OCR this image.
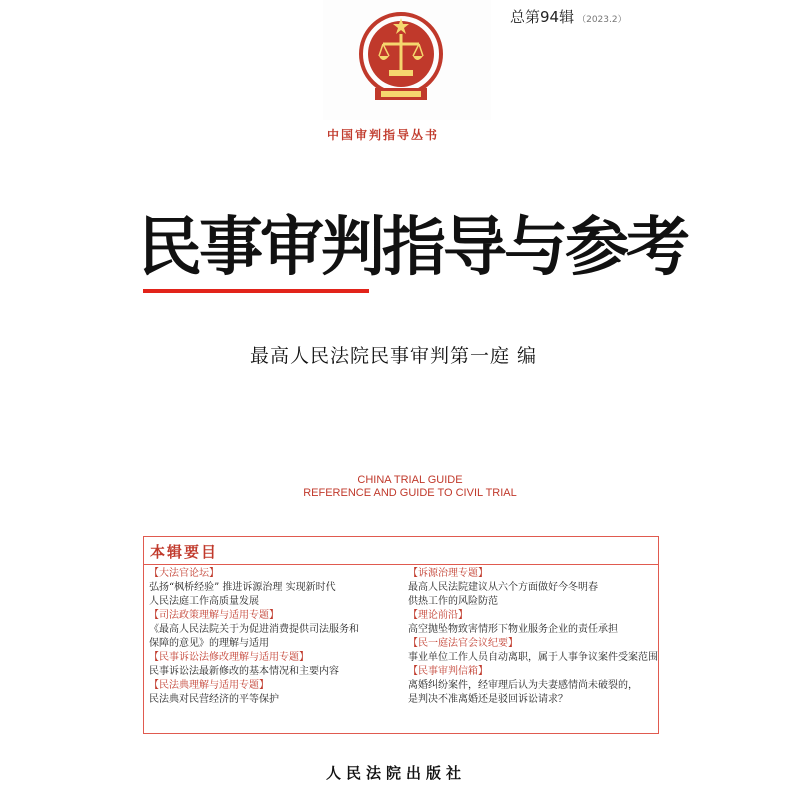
总第94辑 （2023.2）
中国审判指导丛书
民事审判指导与参考
最高人民法院民事审判第一庭 编
CHINA TRIAL GUIDE
REFERENCE AND GUIDE TO CIVIL TRIAL
本辑要目
【大法官论坛】
弘扬“枫桥经验” 推进诉源治理 实现新时代
人民法庭工作高质量发展
【司法政策理解与适用专题】
《最高人民法院关于为促进消费提供司法服务和
保障的意见》的理解与适用
【民事诉讼法修改理解与适用专题】
民事诉讼法最新修改的基本情况和主要内容
【民法典理解与适用专题】
民法典对民营经济的平等保护
【诉源治理专题】
最高人民法院建议从六个方面做好今冬明春
供热工作的风险防范
【理论前沿】
高空抛坠物致害情形下物业服务企业的责任承担
【民一庭法官会议纪要】
事业单位工作人员自动离职，属于人事争议案件受案范围
【民事审判信箱】
离婚纠纷案件，经审理后认为夫妻感情尚未破裂的，
是判决不准离婚还是驳回诉讼请求？
人民法院出版社
